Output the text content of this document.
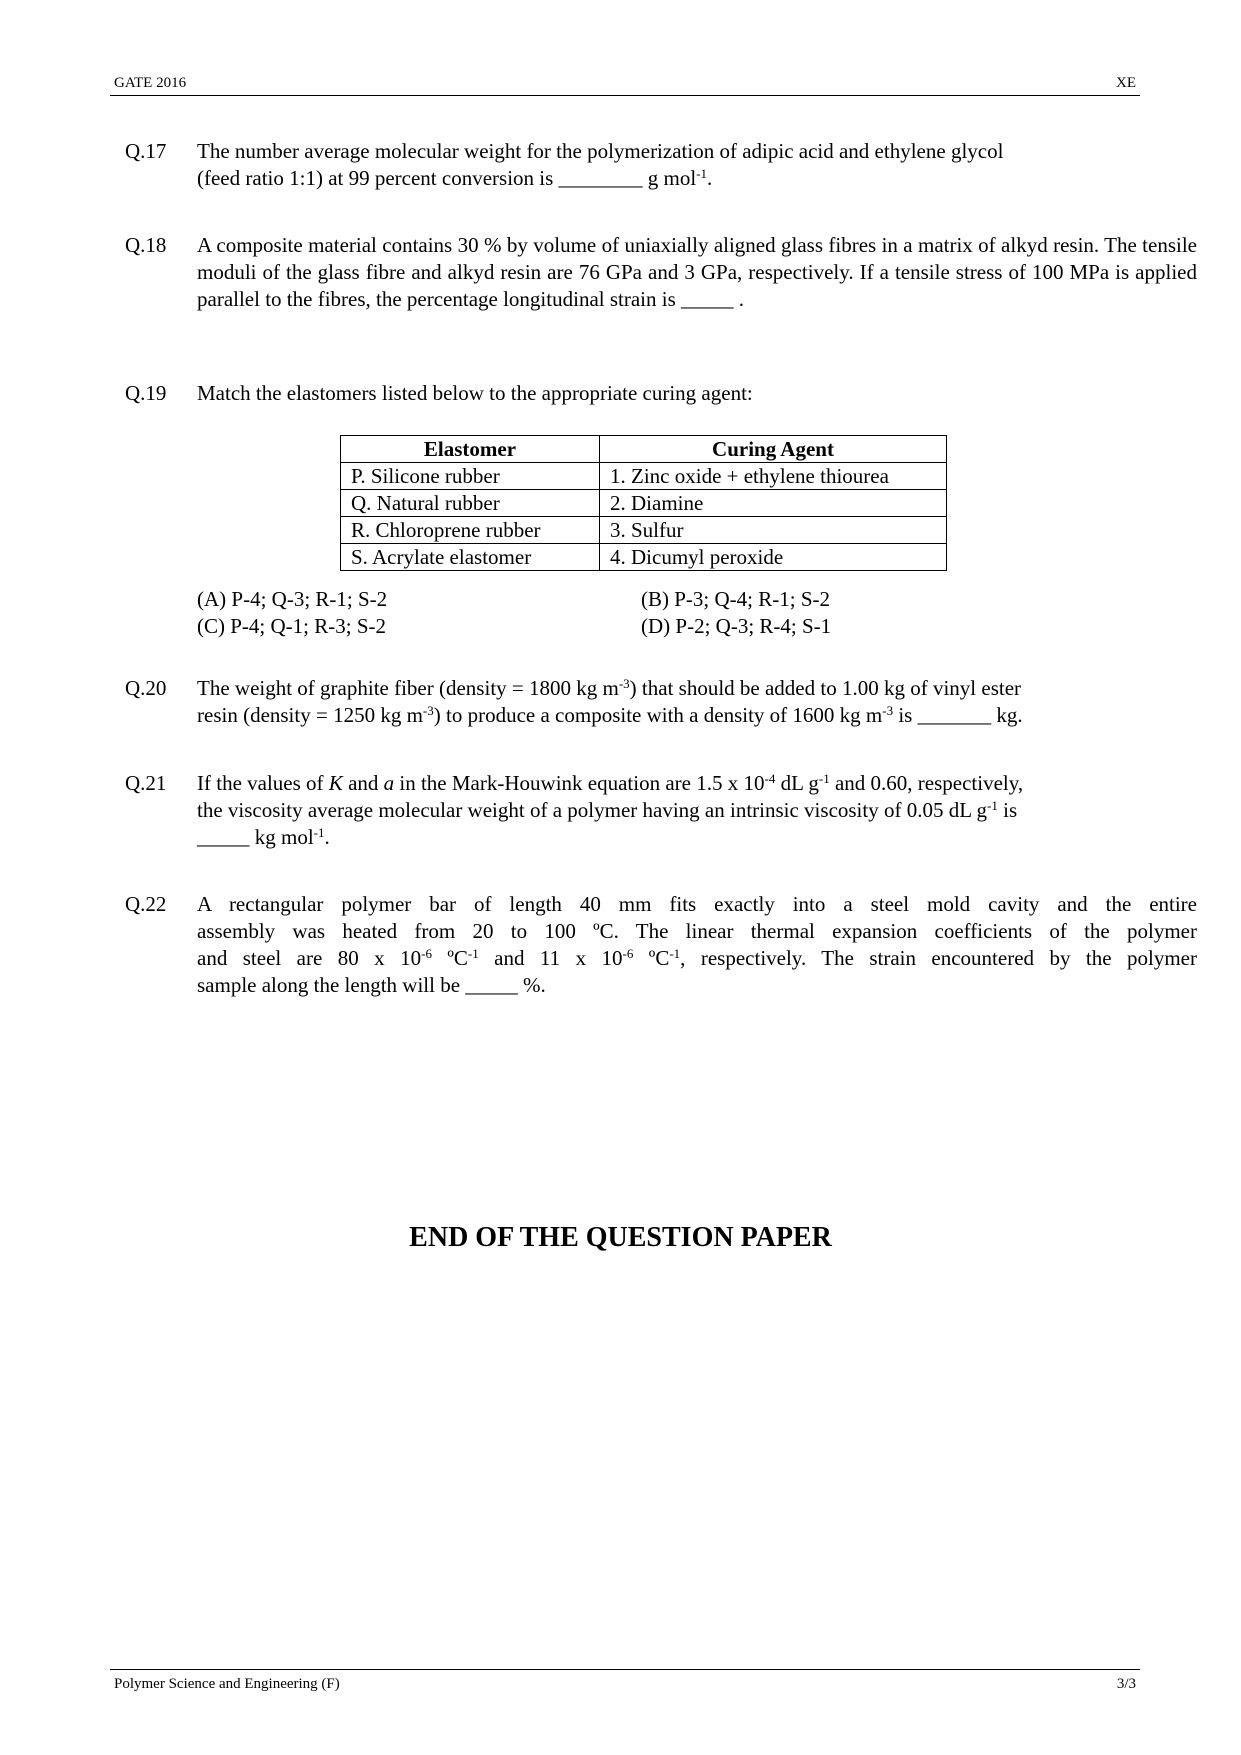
GATE 2016	XE
Q.17 The number average molecular weight for the polymerization of adipic acid and ethylene glycol
(feed ratio 1:1) at 99 percent conversion is ________ g mol$^{-1}$.
Q.18 A composite material contains 30 % by volume of uniaxially aligned glass fibres in a matrix of alkyd resin. The tensile moduli of the glass fibre and alkyd resin are 76 GPa and 3 GPa, respectively. If a tensile stress of 100 MPa is applied parallel to the fibres, the percentage longitudinal strain is _____ .
Q.19 Match the elastomers listed below to the appropriate curing agent:
Elastomer	Curing Agent
P. Silicone rubber	1. Zinc oxide + ethylene thiourea
Q. Natural rubber	2. Diamine
R. Chloroprene rubber	3. Sulfur
S. Acrylate elastomer	4. Dicumyl peroxide
(A) P-4; Q-3; R-1; S-2	(B) P-3; Q-4; R-1; S-2
(C) P-4; Q-1; R-3; S-2	(D) P-2; Q-3; R-4; S-1
Q.20 The weight of graphite fiber (density = 1800 kg $m^{-3}$) that should be added to 1.00 kg of vinyl ester
resin (density = 1250 kg $m^{-3}$) to produce a composite with a density of 1600 kg $m^{-3}$ is _______ kg.
Q.21 If the values of K and a in the Mark-Houwink equation are 1.5 x $10^{-4}$ dL $g^{-1}$ and 0.60, respectively,
the viscosity average molecular weight of a polymer having an intrinsic viscosity of 0.05 dL $g^{-1}$ is
_____ kg mol$^{-1}$.
Q.22 A rectangular polymer bar of length 40 mm fits exactly into a steel mold cavity and the entire
assembly was heated from 20 to 100 ºC. The linear thermal expansion coefficients of the polymer
and steel are 80 x $10^{-6}$ ºC$^{-1}$ and 11 x $10^{-6}$ ºC$^{-1}$, respectively. The strain encountered by the polymer
sample along the length will be _____ %.
END OF THE QUESTION PAPER
Polymer Science and Engineering (F)	3/3
